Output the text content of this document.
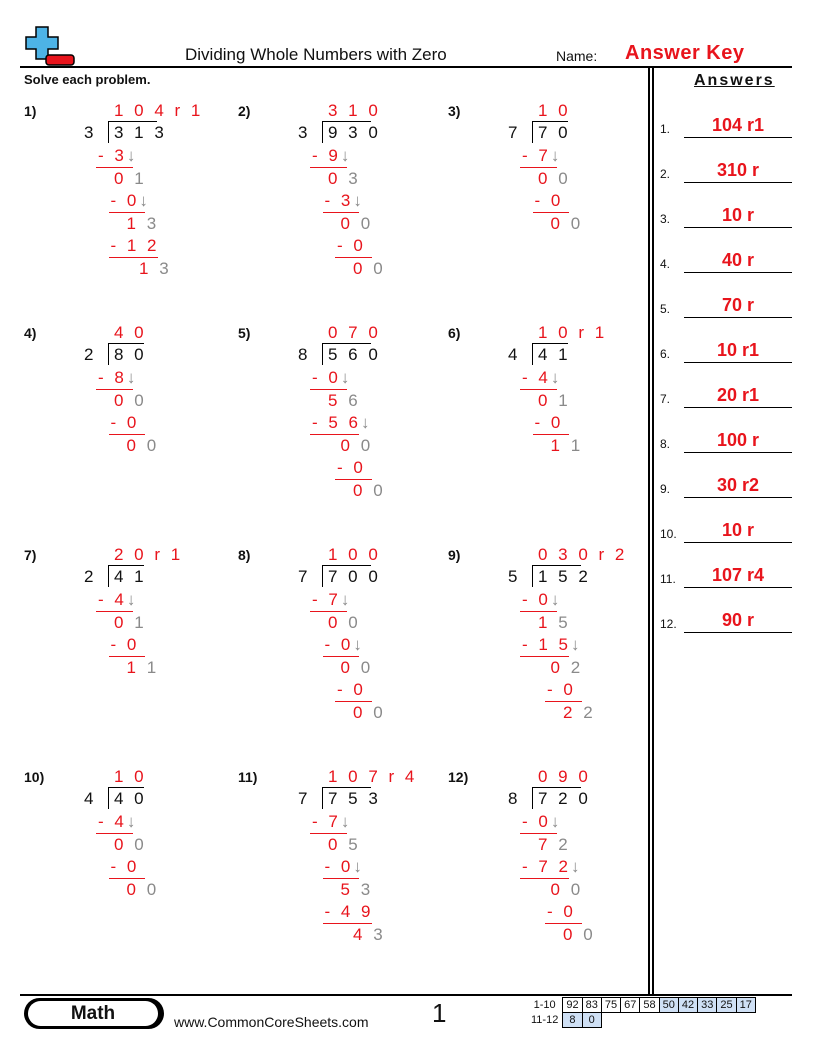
Dividing Whole Numbers with Zero	Name: Answer Key
Solve each problem.	Answers
1)
3 3 1 3
1 0 4 r 1
- 3↓
0 1
- 0↓
1 3
- 1 2
1 3
2)
3 9 3 0
3 1 0
- 9↓
0 3
- 3↓
0 0
- 0
0 0
3)
7 7 0
1 0
- 7↓
0 0
- 0
0 0
4)
2 8 0
4 0
- 8↓
0 0
- 0
0 0
5)
8 5 6 0
0 7 0
- 0↓
5 6
- 5 6↓
0 0
- 0
0 0
6)
4 4 1
1 0 r 1
- 4↓
0 1
- 0
1 1
7)
2 4 1
2 0 r 1
- 4↓
0 1
- 0
1 1
8)
7 7 0 0
1 0 0
- 7↓
0 0
- 0↓
0 0
- 0
0 0
9)
5 1 5 2
0 3 0 r 2
- 0↓
1 5
- 1 5↓
0 2
- 0
2 2
10)
4 4 0
1 0
- 4↓
0 0
- 0
0 0
11)
7 7 5 3
1 0 7 r 4
- 7↓
0 5
- 0↓
5 3
- 4 9
4 3
12)
8 7 2 0
0 9 0
- 0↓
7 2
- 7 2↓
0 0
- 0
0 0
1.	104 r1
2.	310 r
3.	10 r
4.	40 r
5.	70 r
6.	10 r1
7.	20 r1
8.	100 r
9.	30 r2
10.	10 r
11.	107 r4
12.	90 r
Math	www.CommonCoreSheets.com 1	1-10	92	83	75	67	58	50	42	33	25	17
11-12	8	0								
